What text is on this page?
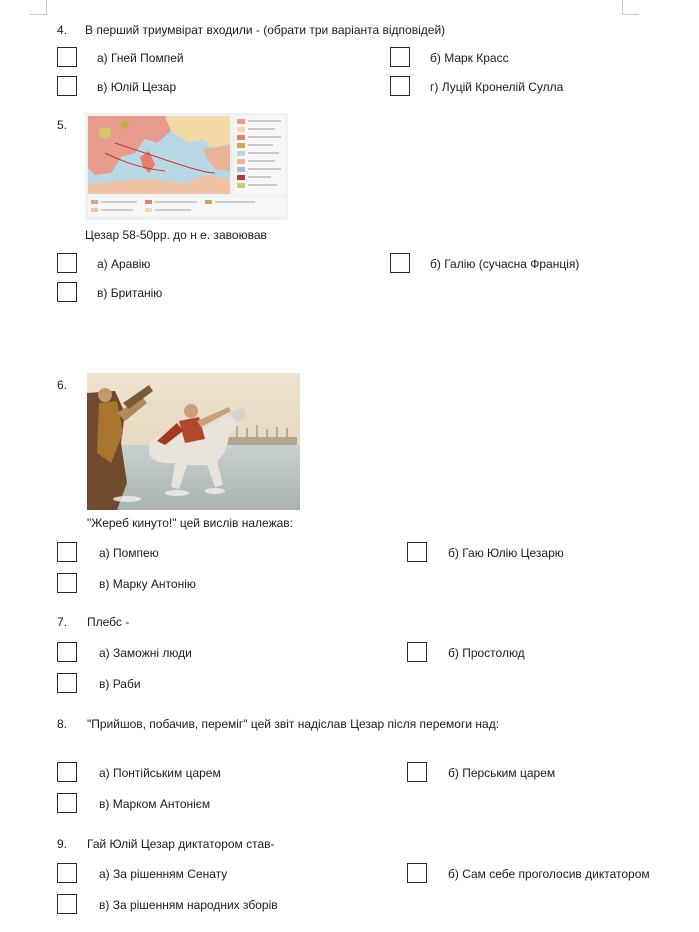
4. В перший триумвірат входили - (обрати три варіанта відповідей)
а) Гней Помпей	б) Марк Красс
в) Юлій Цезар	г) Луцій Кронелій Сулла
5.
Цезар 58-50рр. до н е. завоював
а) Аравію	б) Галію (сучасна Франція)
в) Британію
6.
"Жереб кинуто!" цей вислів належав:
а) Помпею	б) Гаю Юлію Цезарю
в) Марку Антонію
7. Плебс -
а) Заможні люди	б) Простолюд
в) Раби
8. "Прийшов, побачив, переміг" цей звіт надіслав Цезар після перемоги над:
а) Понтійським царем	б) Перським царем
в) Марком Антонієм
9. Гай Юлій Цезар диктатором став-
а) За рішенням Сенату	б) Сам себе проголосив диктатором
в) За рішенням народних зборів
